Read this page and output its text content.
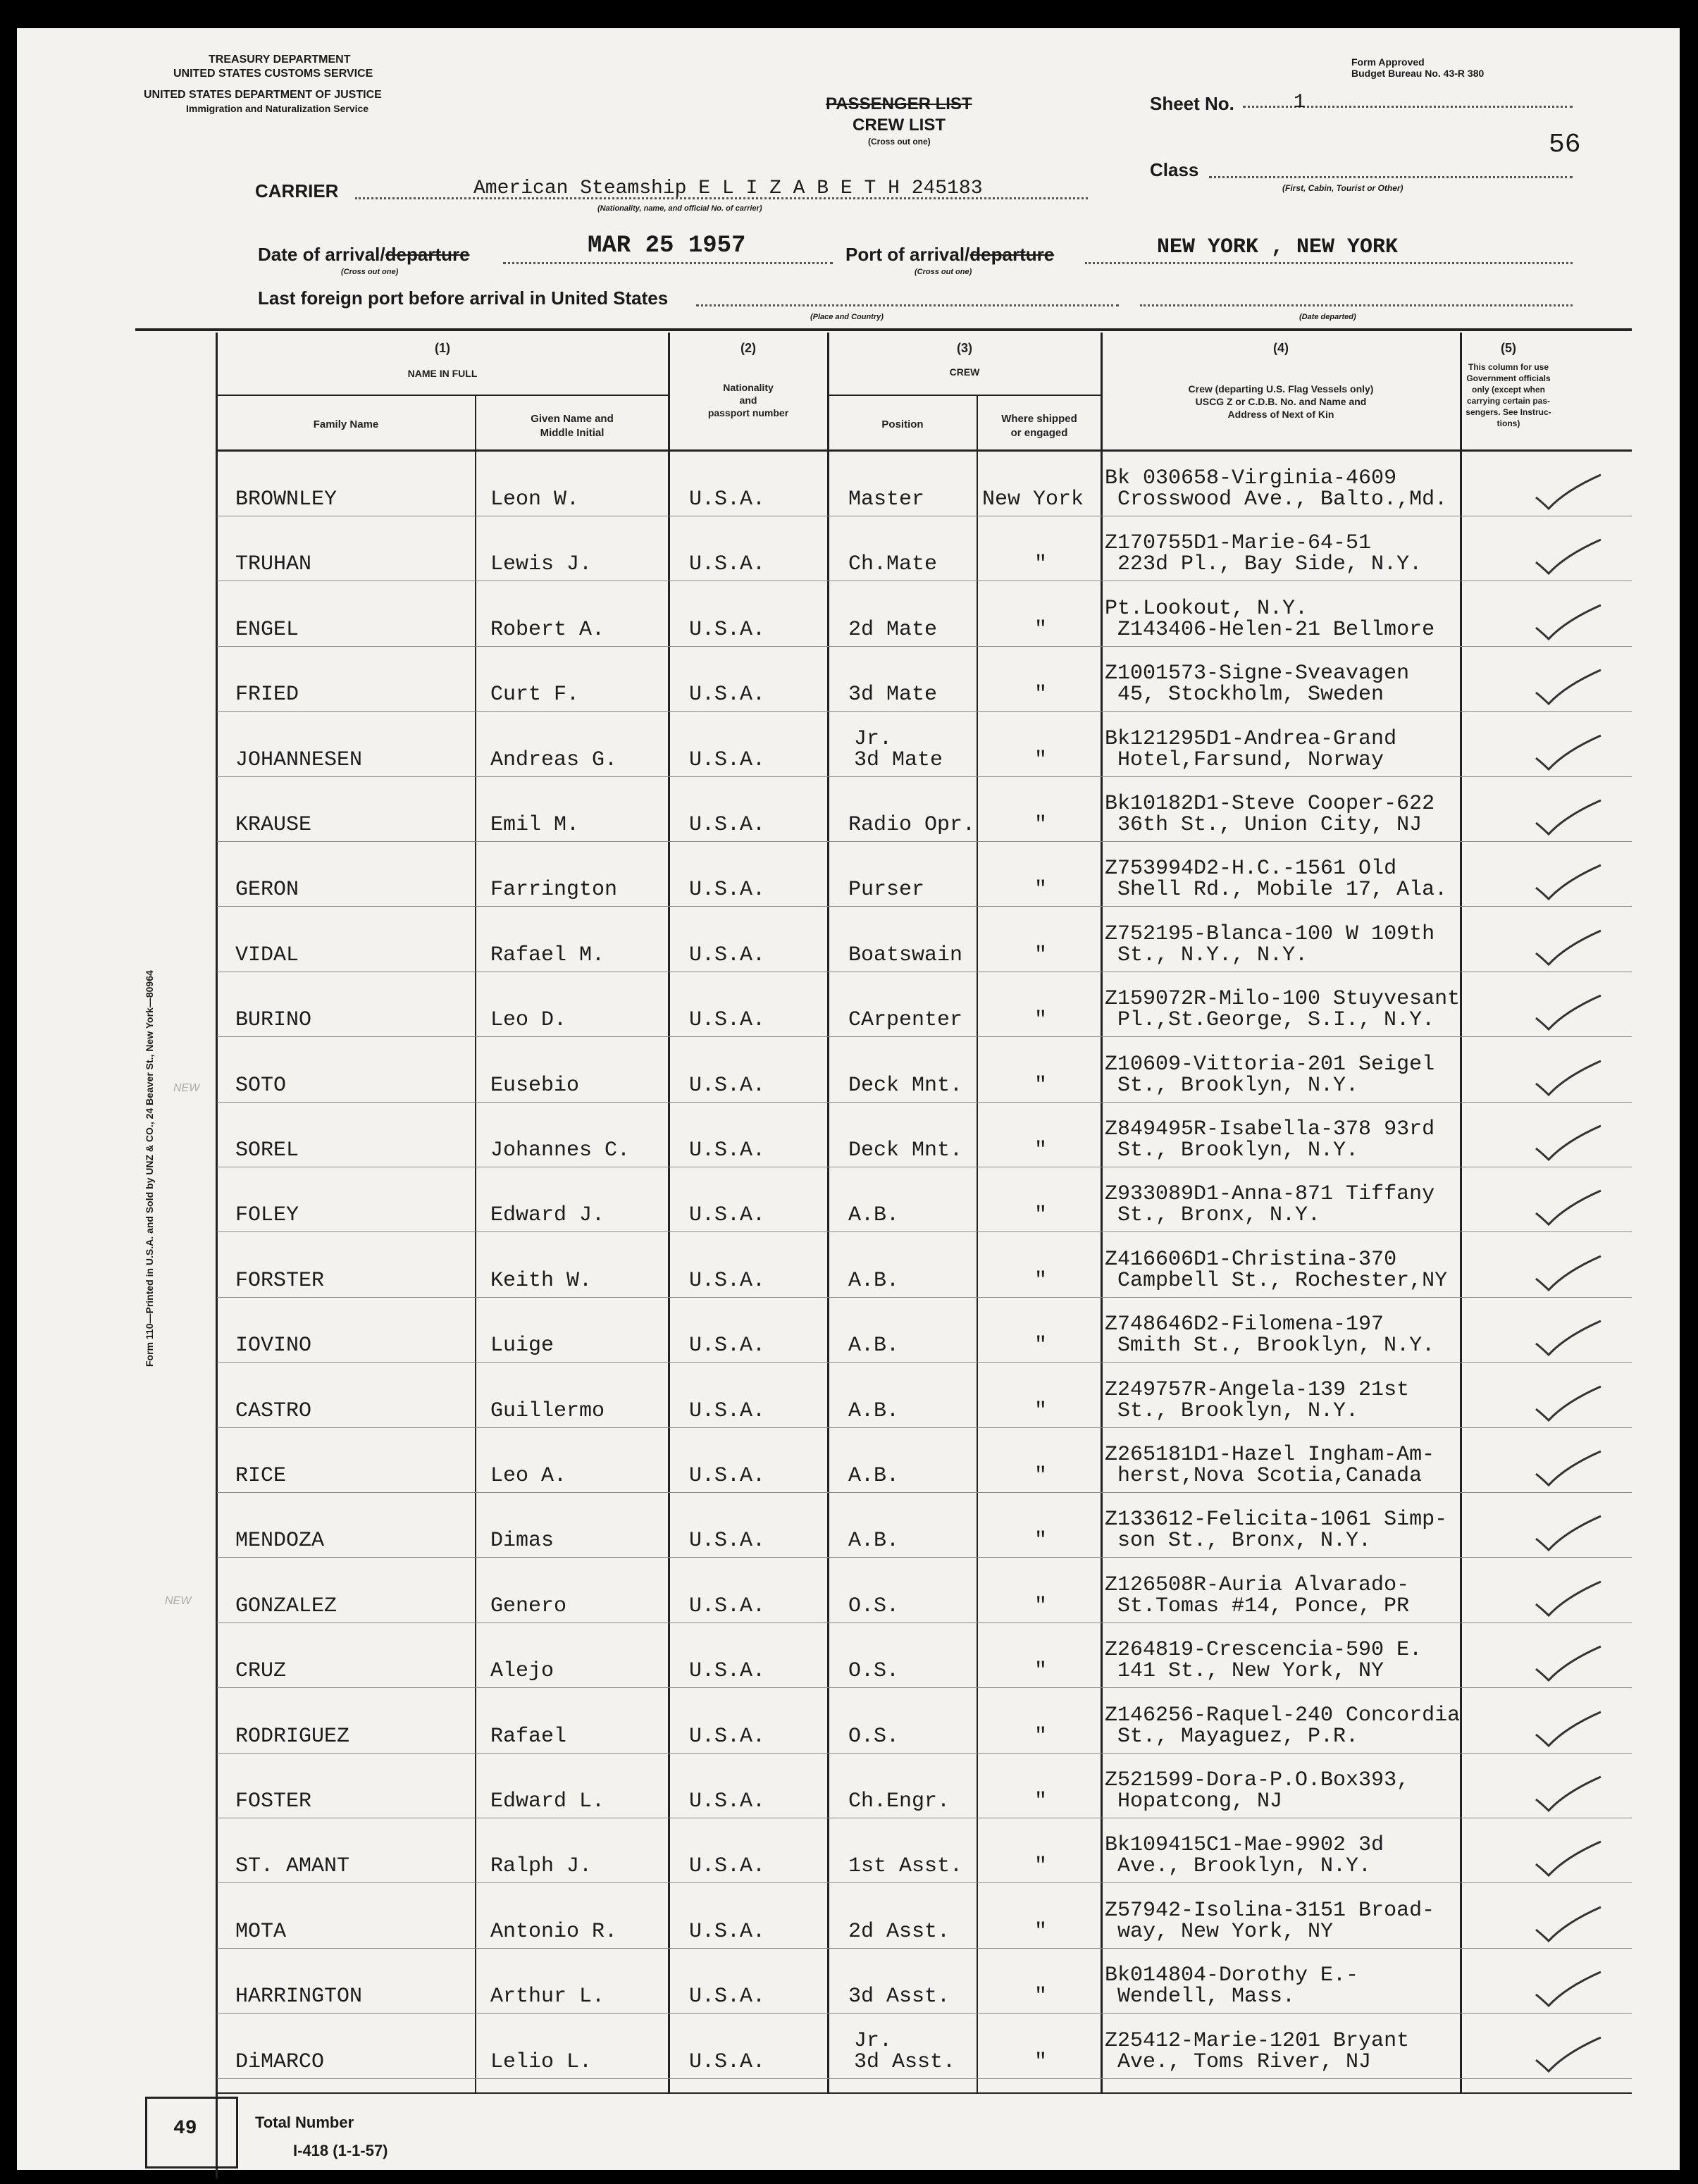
TREASURY DEPARTMENT
UNITED STATES CUSTOMS SERVICE
UNITED STATES DEPARTMENT OF JUSTICE
Immigration and Naturalization Service
Form Approved
Budget Bureau No. 43-R 380
PASSENGER LIST
CREW LIST
(Cross out one)
Sheet No.	1
56
Class
(First, Cabin, Tourist or Other)
CARRIER	American Steamship E L I Z A B E T H 245183
(Nationality, name, and official No. of carrier)
Date of arrival/departure
(Cross out one)
MAR 25 1957	Port of arrival/departure
(Cross out one)
NEW YORK , NEW YORK
Last foreign port before arrival in United States
(Place and Country)	(Date departed)
(1)
NAME IN FULL
Family Name	Given Name and
Middle Initial
(2)
Nationality
and
passport number
(3)
CREW
Position	Where shipped
or engaged
(4)
Crew (departing U.S. Flag Vessels only)
USCG Z or C.D.B. No. and Name and
Address of Next of Kin
(5)
This column for use
Government officials
only (except when
carrying certain pas-
sengers. See Instruc-
tions)
BROWNLEY	Leon W.	U.S.A.	Master	New York
Bk 030658-Virginia-4609
Crosswood Ave., Balto.,Md.
TRUHAN	Lewis J.	U.S.A.	Ch.Mate	"
Z170755D1-Marie-64-51
223d Pl., Bay Side, N.Y.
ENGEL	Robert A.	U.S.A.	2d Mate	"
Pt.Lookout, N.Y.
Z143406-Helen-21 Bellmore
FRIED	Curt F.	U.S.A.	3d Mate	"
Z1001573-Signe-Sveavagen
45, Stockholm, Sweden
JOHANNESEN	Andreas G.	U.S.A.
Jr.
3d Mate	"
Bk121295D1-Andrea-Grand
Hotel,Farsund, Norway
KRAUSE	Emil M.	U.S.A.	Radio Opr.	"
Bk10182D1-Steve Cooper-622
36th St., Union City, NJ
GERON	Farrington	U.S.A.	Purser	"
Z753994D2-H.C.-1561 Old
Shell Rd., Mobile 17, Ala.
VIDAL	Rafael M.	U.S.A.	Boatswain	"
Z752195-Blanca-100 W 109th
St., N.Y., N.Y.
BURINO	Leo D.	U.S.A.	CArpenter	"
Z159072R-Milo-100 Stuyvesant
Pl.,St.George, S.I., N.Y.
SOTO	Eusebio	U.S.A.	Deck Mnt.	"
Z10609-Vittoria-201 Seigel
St., Brooklyn, N.Y.
SOREL	Johannes C.	U.S.A.	Deck Mnt.	"
Z849495R-Isabella-378 93rd
St., Brooklyn, N.Y.
FOLEY	Edward J.	U.S.A.	A.B.	"
Z933089D1-Anna-871 Tiffany
St., Bronx, N.Y.
FORSTER	Keith W.	U.S.A.	A.B.	"
Z416606D1-Christina-370
Campbell St., Rochester,NY
IOVINO	Luige	U.S.A.	A.B.	"
Z748646D2-Filomena-197
Smith St., Brooklyn, N.Y.
CASTRO	Guillermo	U.S.A.	A.B.	"
Z249757R-Angela-139 21st
St., Brooklyn, N.Y.
RICE	Leo A.	U.S.A.	A.B.	"
Z265181D1-Hazel Ingham-Am-
herst,Nova Scotia,Canada
MENDOZA	Dimas	U.S.A.	A.B.	"
Z133612-Felicita-1061 Simp-
son St., Bronx, N.Y.
GONZALEZ	Genero	U.S.A.	O.S.	"
Z126508R-Auria Alvarado-
St.Tomas #14, Ponce, PR
CRUZ	Alejo	U.S.A.	O.S.	"
Z264819-Crescencia-590 E.
141 St., New York, NY
RODRIGUEZ	Rafael	U.S.A.	O.S.	"
Z146256-Raquel-240 Concordia
St., Mayaguez, P.R.
FOSTER	Edward L.	U.S.A.	Ch.Engr.	"
Z521599-Dora-P.O.Box393,
Hopatcong, NJ
ST. AMANT	Ralph J.	U.S.A.	1st Asst.	"
Bk109415C1-Mae-9902 3d
Ave., Brooklyn, N.Y.
MOTA	Antonio R.	U.S.A.	2d Asst.	"
Z57942-Isolina-3151 Broad-
way, New York, NY
HARRINGTON	Arthur L.	U.S.A.	3d Asst.	"
Bk014804-Dorothy E.-
Wendell, Mass.
DiMARCO	Lelio L.	U.S.A.
Jr.
3d Asst.	"
Z25412-Marie-1201 Bryant
Ave., Toms River, NJ
NEW
NEW
Form 110—Printed in U.S.A. and Sold by UNZ & CO., 24 Beaver St., New York—80964
49	Total Number
I-418 (1-1-57)
